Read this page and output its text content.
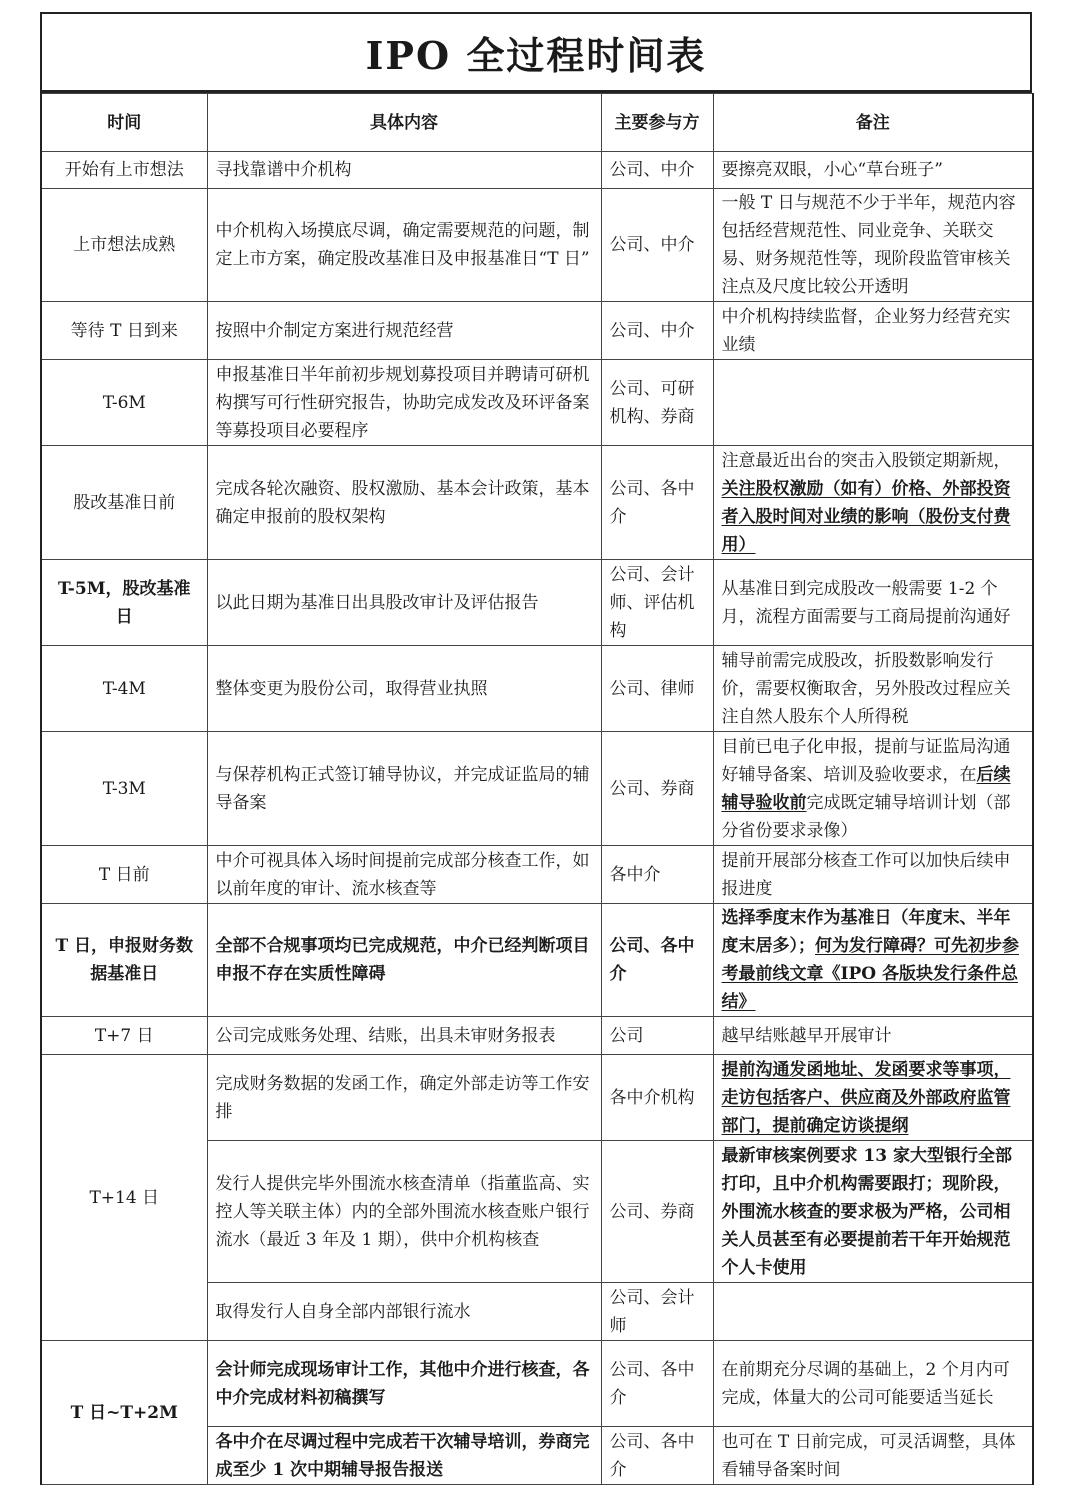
IPO 全过程时间表
时间	具体内容	主要参与方	备注
开始有上市想法	寻找靠谱中介机构	公司、中介	要擦亮双眼，小心“草台班子”
上市想法成熟	中介机构入场摸底尽调，确定需要规范的问题，制定上市方案，确定股改基准日及申报基准日“T 日”	公司、中介	一般 T 日与规范不少于半年，规范内容包括经营规范性、同业竞争、关联交易、财务规范性等，现阶段监管审核关注点及尺度比较公开透明
等待 T 日到来	按照中介制定方案进行规范经营	公司、中介	中介机构持续监督，企业努力经营充实业绩
T-6M	申报基准日半年前初步规划募投项目并聘请可研机构撰写可行性研究报告，协助完成发改及环评备案等募投项目必要程序	公司、可研机构、券商	
股改基准日前	完成各轮次融资、股权激励、基本会计政策，基本确定申报前的股权架构	公司、各中介	注意最近出台的突击入股锁定期新规，关注股权激励（如有）价格、外部投资者入股时间对业绩的影响（股份支付费用）
T-5M，股改基准日	以此日期为基准日出具股改审计及评估报告	公司、会计师、评估机构	从基准日到完成股改一般需要 1-2 个月，流程方面需要与工商局提前沟通好
T-4M	整体变更为股份公司，取得营业执照	公司、律师	辅导前需完成股改，折股数影响发行价，需要权衡取舍，另外股改过程应关注自然人股东个人所得税
T-3M	与保荐机构正式签订辅导协议，并完成证监局的辅导备案	公司、券商	目前已电子化申报，提前与证监局沟通好辅导备案、培训及验收要求，在后续辅导验收前完成既定辅导培训计划（部分省份要求录像）
T 日前	中介可视具体入场时间提前完成部分核查工作，如以前年度的审计、流水核查等	各中介	提前开展部分核查工作可以加快后续申报进度
T 日，申报财务数据基准日	全部不合规事项均已完成规范，中介已经判断项目申报不存在实质性障碍	公司、各中介	选择季度末作为基准日（年度末、半年度末居多）；何为发行障碍？可先初步参考最前线文章《IPO 各版块发行条件总结》
T+7 日	公司完成账务处理、结账，出具未审财务报表	公司	越早结账越早开展审计
T+14 日	完成财务数据的发函工作，确定外部走访等工作安排	各中介机构	提前沟通发函地址、发函要求等事项，走访包括客户、供应商及外部政府监管部门，提前确定访谈提纲
	发行人提供完毕外围流水核查清单（指董监高、实控人等关联主体）内的全部外围流水核查账户银行流水（最近 3 年及 1 期），供中介机构核查	公司、券商	最新审核案例要求 13 家大型银行全部打印，且中介机构需要跟打；现阶段，外围流水核查的要求极为严格，公司相关人员甚至有必要提前若干年开始规范个人卡使用
	取得发行人自身全部内部银行流水	公司、会计师	
T 日~T+2M	会计师完成现场审计工作，其他中介进行核查，各中介完成材料初稿撰写	公司、各中介	在前期充分尽调的基础上，2 个月内可完成，体量大的公司可能要适当延长
	各中介在尽调过程中完成若干次辅导培训，券商完成至少 1 次中期辅导报告报送	公司、各中介	也可在 T 日前完成，可灵活调整，具体看辅导备案时间
